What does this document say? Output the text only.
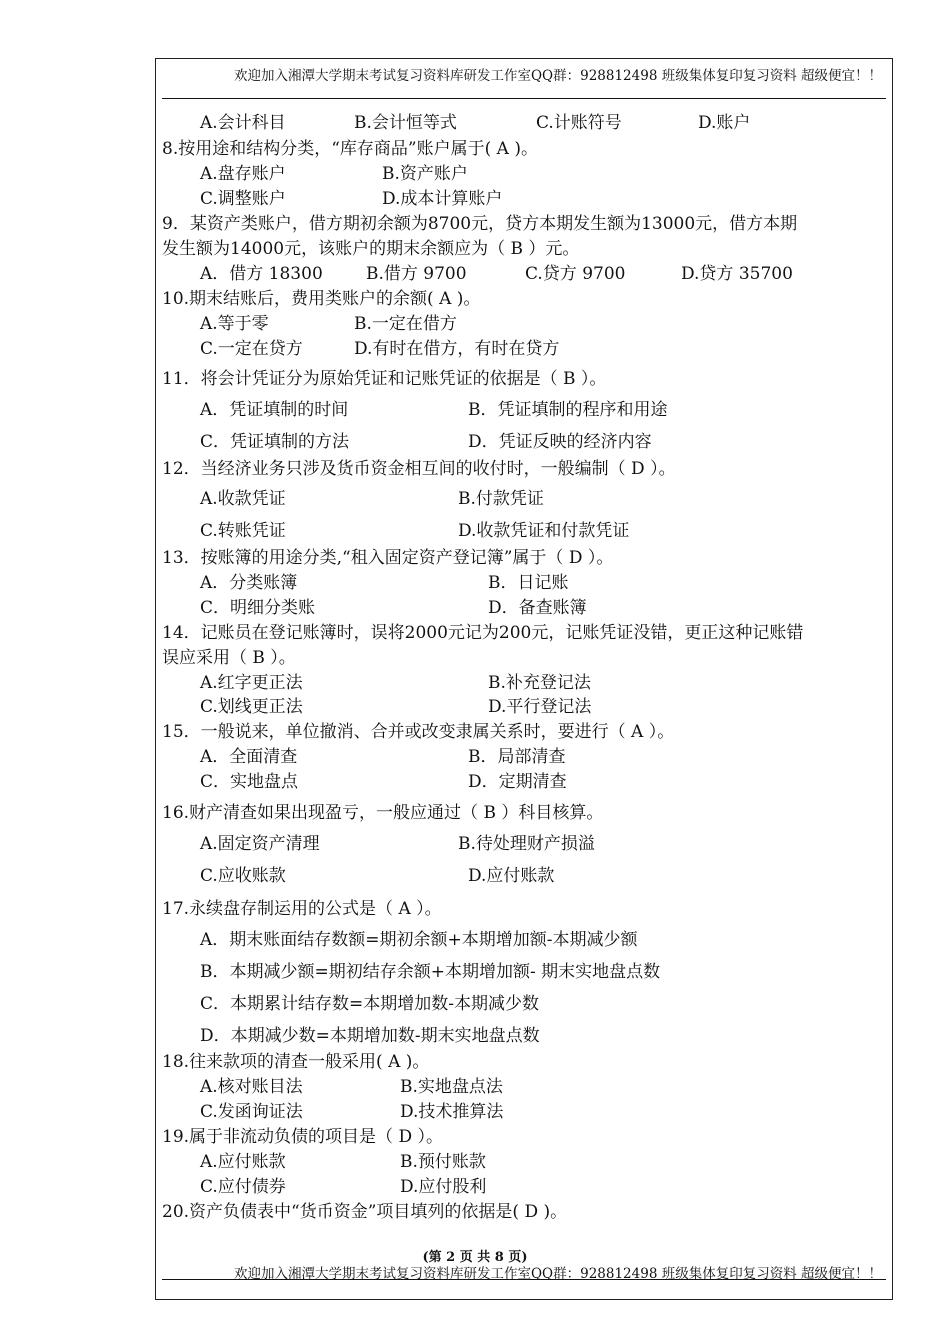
欢迎加入湘潭大学期末考试复习资料库研发工作室QQ群：928812498 班级集体复印复习资料 超级便宜！！
A.会计科目	B.会计恒等式	C.计账符号	D.账户
8.按用途和结构分类，“库存商品”账户属于( A )。
A.盘存账户	B.资产账户
C.调整账户	D.成本计算账户
9．某资产类账户，借方期初余额为8700元，贷方本期发生额为13000元，借方本期
发生额为14000元，该账户的期末余额应为（ B ）元。
A．借方 18300	B.借方 9700	C.贷方 9700	D.贷方 35700
10.期末结账后，费用类账户的余额( A )。
A.等于零	B.一定在借方
C.一定在贷方	D.有时在借方，有时在贷方
11．将会计凭证分为原始凭证和记账凭证的依据是（ B ）。
A．凭证填制的时间	B．凭证填制的程序和用途
C．凭证填制的方法	D．凭证反映的经济内容
12．当经济业务只涉及货币资金相互间的收付时，一般编制（ D ）。
A.收款凭证	B.付款凭证
C.转账凭证	D.收款凭证和付款凭证
13．按账簿的用途分类,“租入固定资产登记簿”属于（ D ）。
A．分类账簿	B．日记账
C．明细分类账	D．备查账簿
14．记账员在登记账簿时，误将2000元记为200元，记账凭证没错，更正这种记账错
误应采用（ B ）。
A.红字更正法	B.补充登记法
C.划线更正法	D.平行登记法
15．一般说来，单位撤消、合并或改变隶属关系时，要进行（ A ）。
A．全面清查	B．局部清查
C．实地盘点	D．定期清查
16.财产清查如果出现盈亏，一般应通过（ B ）科目核算。
A.固定资产清理	B.待处理财产损溢
C.应收账款	D.应付账款
17.永续盘存制运用的公式是（ A ）。
A．期末账面结存数额=期初余额+本期增加额-本期减少额
B．本期减少额=期初结存余额+本期增加额- 期末实地盘点数
C．本期累计结存数=本期增加数-本期减少数
D．本期减少数=本期增加数-期末实地盘点数
18.往来款项的清查一般采用( A )。
A.核对账目法	B.实地盘点法
C.发函询证法	D.技术推算法
19.属于非流动负债的项目是（ D ）。
A.应付账款	B.预付账款
C.应付债券	D.应付股利
20.资产负债表中“货币资金”项目填列的依据是( D )。
(第 2 页 共 8 页)
欢迎加入湘潭大学期末考试复习资料库研发工作室QQ群：928812498 班级集体复印复习资料 超级便宜！！
